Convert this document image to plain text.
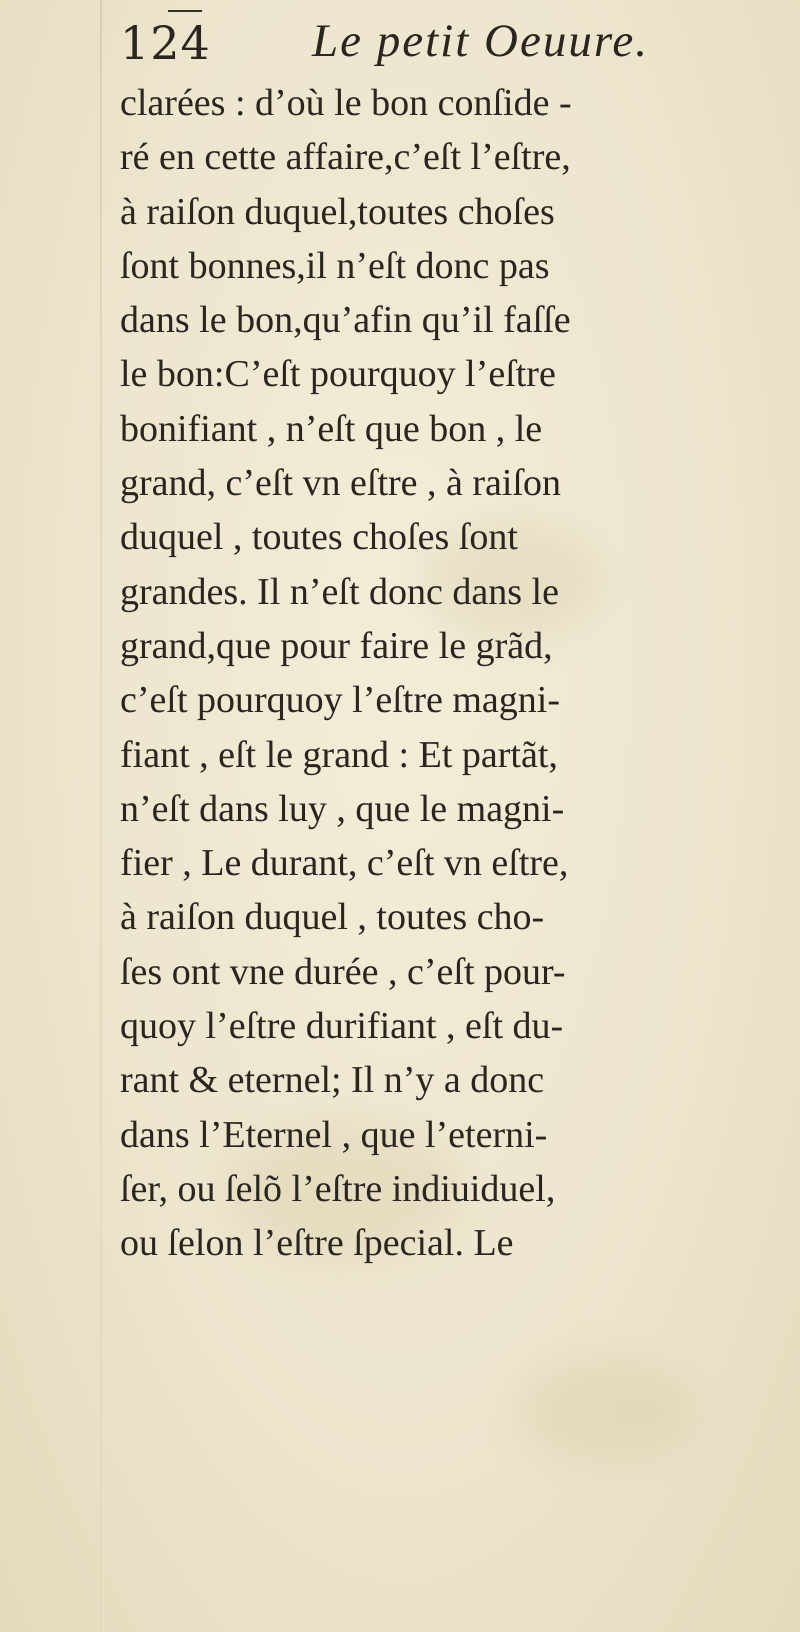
124 Le petit Oeuure.
clarées : d’où le bon conſide -
ré en cette affaire,c’eſt l’eſtre,
à raiſon duquel,toutes choſes
ſont bonnes,il n’eſt donc pas
dans le bon,qu’afin qu’il faſſe
le bon:C’eſt pourquoy l’eſtre
bonifiant , n’eſt que bon , le
grand, c’eſt vn eſtre , à raiſon
duquel , toutes choſes ſont
grandes. Il n’eſt donc dans le
grand,que pour faire le grãd,
c’eſt pourquoy l’eſtre magni-
fiant , eſt le grand : Et partãt,
n’eſt dans luy , que le magni-
fier , Le durant, c’eſt vn eſtre,
à raiſon duquel , toutes cho-
ſes ont vne durée , c’eſt pour-
quoy l’eſtre durifiant , eſt du-
rant & eternel; Il n’y a donc
dans l’Eternel , que l’eterni-
ſer, ou ſelõ l’eſtre indiuiduel,
ou ſelon l’eſtre ſpecial. Le
